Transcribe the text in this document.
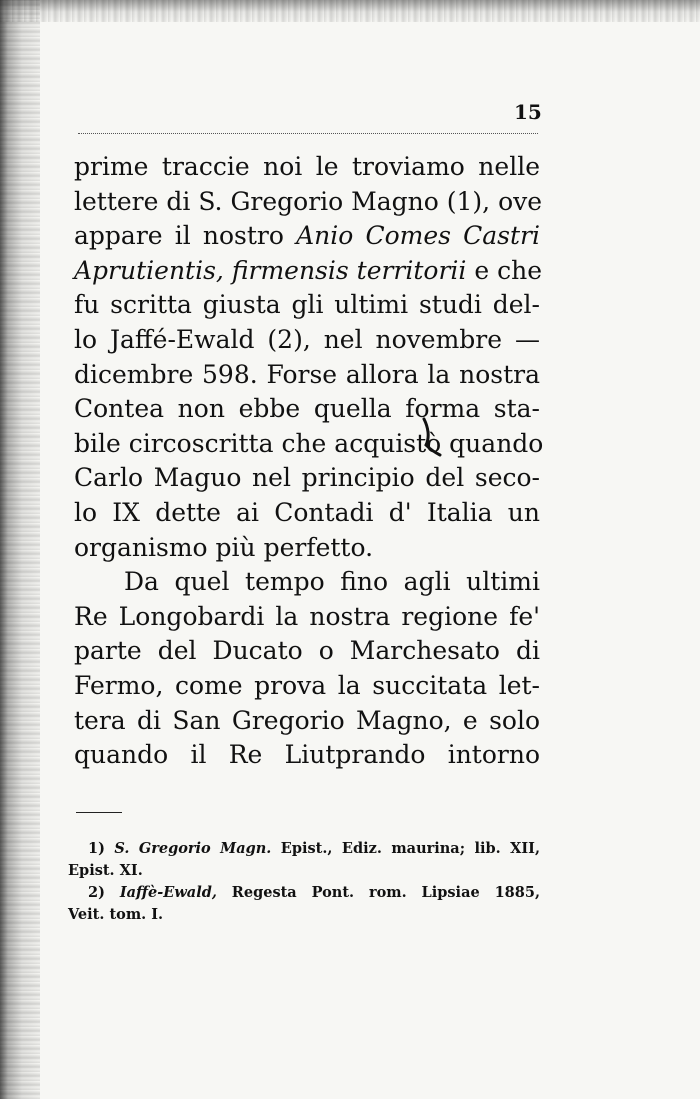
15
prime traccie noi le troviamo nelle
lettere di S. Gregorio Magno (1), ove
appare il nostro Anio Comes Castri
Aprutientis, firmensis territorii e che
fu scritta giusta gli ultimi studi del-
lo Jaffé-Ewald (2), nel novembre —
dicembre 598. Forse allora la nostra
Contea non ebbe quella forma sta-
bile circoscritta che acquistò quando
Carlo Maguo nel principio del seco-
lo IX dette ai Contadi d' Italia un
organismo più perfetto.
Da quel tempo fino agli ultimi
Re Longobardi la nostra regione fe'
parte del Ducato o Marchesato di
Fermo, come prova la succitata let-
tera di San Gregorio Magno, e solo
quando il Re Liutprando intorno
1) S. Gregorio Magn. Epist., Ediz. maurina; lib. XII,
Epist. XI.
2) Iaffè-Ewald, Regesta Pont. rom. Lipsiae 1885,
Veit. tom. I.
